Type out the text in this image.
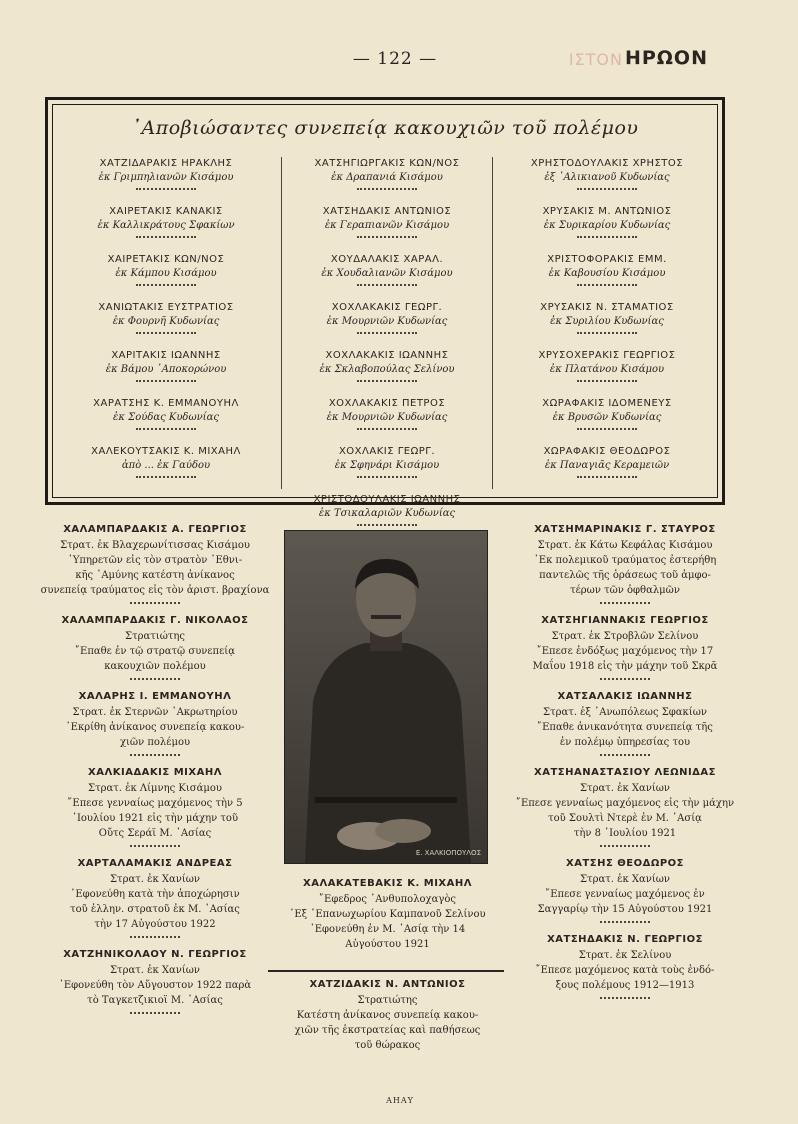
ΙΣΤΟΝ
— 122 —	ΗΡΩΟΝ
᾿Αποβιώσαντες συνεπείᾳ κακουχιῶν τοῦ πολέμου
ΧΑΤΖΙΔΑΡΑΚΙΣ ΗΡΑΚΛΗΣ
ἐκ Γριμπηλιανῶν Κισάμου
ΧΑΙΡΕΤΑΚΙΣ ΚΑΝΑΚΙΣ
ἐκ Καλλικράτους Σφακίων
ΧΑΙΡΕΤΑΚΙΣ ΚΩΝ/ΝΟΣ
ἐκ Κάμπου Κισάμου
ΧΑΝΙΩΤΑΚΙΣ ΕΥΣΤΡΑΤΙΟΣ
ἐκ Φουρνῆ Κυδωνίας
ΧΑΡΙΤΑΚΙΣ ΙΩΑΝΝΗΣ
ἐκ Βάμου ᾿Αποκορώνου
ΧΑΡΑΤΣΗΣ Κ. ΕΜΜΑΝΟΥΗΛ
ἐκ Σούδας Κυδωνίας
ΧΑΛΕΚΟΥΤΣΑΚΙΣ Κ. ΜΙΧΑΗΛ
ἀπὸ ... ἐκ Γαύδου
ΧΑΤΣΗΓΙΩΡΓΑΚΙΣ ΚΩΝ/ΝΟΣ
ἐκ Δραπανιά Κισάμου
ΧΑΤΣΗΔΑΚΙΣ ΑΝΤΩΝΙΟΣ
ἐκ Γεραπιανῶν Κισάμου
ΧΟΥΔΑΛΑΚΙΣ ΧΑΡΑΛ.
ἐκ Χουδαλιανῶν Κισάμου
ΧΟΧΛΑΚΑΚΙΣ ΓΕΩΡΓ.
ἐκ Μουρνιῶν Κυδωνίας
ΧΟΧΛΑΚΑΚΙΣ ΙΩΑΝΝΗΣ
ἐκ Σκλαβοπούλας Σελίνου
ΧΟΧΛΑΚΑΚΙΣ ΠΕΤΡΟΣ
ἐκ Μουρνιῶν Κυδωνίας
ΧΟΧΛΑΚΙΣ ΓΕΩΡΓ.
ἐκ Σφηνάρι Κισάμου
ΧΡΙΣΤΟΔΟΥΛΑΚΙΣ ΙΩΑΝΝΗΣ
ἐκ Τσικαλαριῶν Κυδωνίας
ΧΡΗΣΤΟΔΟΥΛΑΚΙΣ ΧΡΗΣΤΟΣ
ἐξ ᾿Αλικιανοῦ Κυδωνίας
ΧΡΥΣΑΚΙΣ Μ. ΑΝΤΩΝΙΟΣ
ἐκ Συρικαρίου Κυδωνίας
ΧΡΙΣΤΟΦΟΡΑΚΙΣ ΕΜΜ.
ἐκ Καβουσίου Κισάμου
ΧΡΥΣΑΚΙΣ Ν. ΣΤΑΜΑΤΙΟΣ
ἐκ Συριλίου Κυδωνίας
ΧΡΥΣΟΧΕΡΑΚΙΣ ΓΕΩΡΓΙΟΣ
ἐκ Πλατάνου Κισάμου
ΧΩΡΑΦΑΚΙΣ ΙΔΟΜΕΝΕΥΣ
ἐκ Βρυσῶν Κυδωνίας
ΧΩΡΑΦΑΚΙΣ ΘΕΟΔΩΡΟΣ
ἐκ Παναγιᾶς Κεραμειῶν
ΧΑΛΑΜΠΑΡΔΑΚΙΣ Α. ΓΕΩΡΓΙΟΣ
Στρατ. ἐκ Βλαχερωνίτισσας Κισάμου
῾Υπηρετῶν εἰς τὸν στρατὸν ᾿Εθνι-
κῆς ᾿Αμύνης κατέστη ἀνίκανος
συνεπείᾳ τραύματος εἰς τὸν ἀριστ. βραχίονα
ΧΑΛΑΜΠΑΡΔΑΚΙΣ Γ. ΝΙΚΟΛΑΟΣ
Στρατιώτης
῎Επαθε ἐν τῷ στρατῷ συνεπείᾳ
κακουχιῶν πολέμου
ΧΑΛΑΡΗΣ Ι. ΕΜΜΑΝΟΥΗΛ
Στρατ. ἐκ Στερνῶν ᾿Ακρωτηρίου
᾿Εκρίθη ἀνίκανος συνεπείᾳ κακου-
χιῶν πολέμου
ΧΑΛΚΙΑΔΑΚΙΣ ΜΙΧΑΗΛ
Στρατ. ἐκ Λίμνης Κισάμου
῎Επεσε γενναίως μαχόμενος τὴν 5
᾿Ιουλίου 1921 εἰς τὴν μάχην τοῦ
Οὔτς Σεράϊ Μ. ᾿Ασίας
ΧΑΡΤΑΛΑΜΑΚΙΣ ΑΝΔΡΕΑΣ
Στρατ. ἐκ Χανίων
᾿Εφονεύθη κατὰ τὴν ἀποχώρησιν
τοῦ ἑλλην. στρατοῦ ἐκ Μ. ᾿Ασίας
τὴν 17 Αὐγούστου 1922
ΧΑΤΖΗΝΙΚΟΛΑΟΥ Ν. ΓΕΩΡΓΙΟΣ
Στρατ. ἐκ Χανίων
᾿Εφονεύθη τὸν Αὔγουστον 1922 παρὰ
τὸ Ταγκετζικιοϊ Μ. ᾿Ασίας
Ε. ΧΑΛΚΙΟΠΟΥΛΟΣ
ΧΑΛΑΚΑΤΕΒΑΚΙΣ Κ. ΜΙΧΑΗΛ
῎Εφεδρος ᾿Ανθυπολοχαγὸς
᾿Εξ ᾿Επανωχωρίου Καμπανοῦ Σελίνου
᾿Εφονεύθη ἐν Μ. ᾿Ασίᾳ τὴν 14
Αὐγούστου 1921
ΧΑΤΖΙΔΑΚΙΣ Ν. ΑΝΤΩΝΙΟΣ
Στρατιώτης
Κατέστη ἀνίκανος συνεπείᾳ κακου-
χιῶν τῆς ἐκστρατείας καὶ παθήσεως
τοῦ θώρακος
ΧΑΤΣΗΜΑΡΙΝΑΚΙΣ Γ. ΣΤΑΥΡΟΣ
Στρατ. ἐκ Κάτω Κεφάλας Κισάμου
᾿Εκ πολεμικοῦ τραύματος ἐστερήθη
παντελῶς τῆς ὁράσεως τοῦ ἀμφο-
τέρων τῶν ὀφθαλμῶν
ΧΑΤΣΗΓΙΑΝΝΑΚΙΣ ΓΕΩΡΓΙΟΣ
Στρατ. ἐκ Στροβλῶν Σελίνου
῎Επεσε ἐνδόξως μαχόμενος τὴν 17
Μαΐου 1918 εἰς τὴν μάχην τοῦ Σκρᾶ
ΧΑΤΣΑΛΑΚΙΣ ΙΩΑΝΝΗΣ
Στρατ. ἐξ ᾿Ανωπόλεως Σφακίων
῎Επαθε ἀνικανότητα συνεπείᾳ τῆς
ἐν πολέμῳ ὑπηρεσίας του
ΧΑΤΣΗΑΝΑΣΤΑΣΙΟΥ ΛΕΩΝΙΔΑΣ
Στρατ. ἐκ Χανίων
῎Επεσε γενναίως μαχόμενος εἰς τὴν μάχην
τοῦ Σουλτὶ Ντερὲ ἐν Μ. ᾿Ασίᾳ
τὴν 8 ᾿Ιουλίου 1921
ΧΑΤΣΗΣ ΘΕΟΔΩΡΟΣ
Στρατ. ἐκ Χανίων
῎Επεσε γενναίως μαχόμενος ἐν
Σαγγαρίῳ τὴν 15 Αὐγούστου 1921
ΧΑΤΣΗΔΑΚΙΣ Ν. ΓΕΩΡΓΙΟΣ
Στρατ. ἐκ Σελίνου
῎Επεσε μαχόμενος κατὰ τοὺς ἐνδό-
ξους πολέμους 1912—1913
ΑΗΑΥ
